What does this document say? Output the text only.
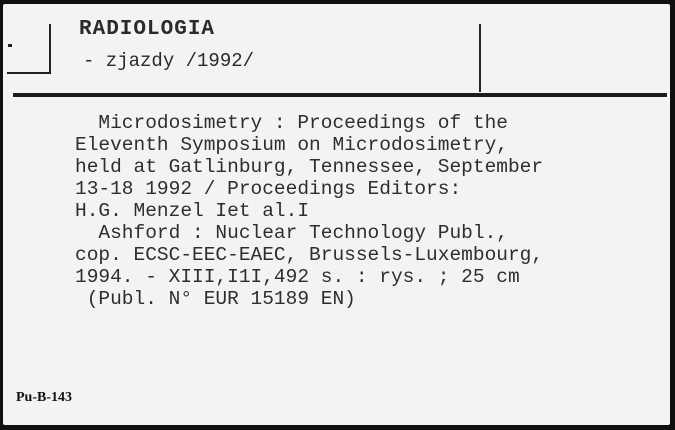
RADIOLOGIA
- zjazdy /1992/
Microdosimetry : Proceedings of the
Eleventh Symposium on Microdosimetry,
held at Gatlinburg, Tennessee, September
13-18 1992 / Proceedings Editors:
H.G. Menzel Iet al.I
Ashford : Nuclear Technology Publ.,
cop. ECSC-EEC-EAEC, Brussels-Luxembourg,
1994. - XIII,I1I,492 s. : rys. ; 25 cm
(Publ. N° EUR 15189 EN)
Pu-B-143
